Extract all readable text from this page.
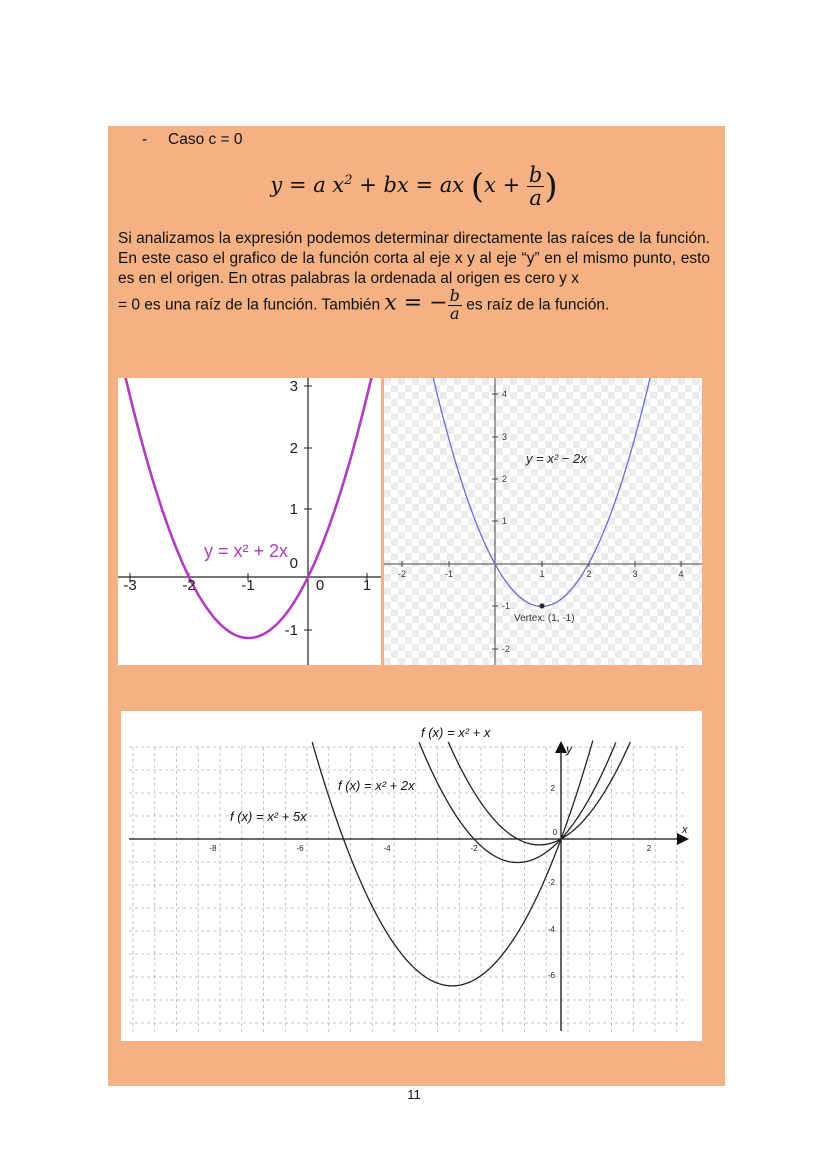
- Caso c = 0
y = a $x^2$ + bx = ax ($x + \frac{b}{a}$ )
Si analizamos la expresión podemos determinar directamente las raíces de la función. En este caso el grafico de la función corta al eje x y al eje “y” en el mismo punto, esto es en el origen. En otras palabras la ordenada al origen es cero y x
= 0 es una raíz de la función. También x = − $\frac{b}{a}$ es raíz de la función.
-3	-2	-1	0	1
3
2
1
-1
0
y = x² + 2x
-2	-1	1	2	3	4
4
3
2
1
-1
-2
y = x² − 2x
Vertex: (1, -1)
x
y
-8	-6	-4	-2
0
2
2
-2
-4
-6
f (x) = x² + x
f (x) = x² + 2x
f (x) = x² + 5x
11
